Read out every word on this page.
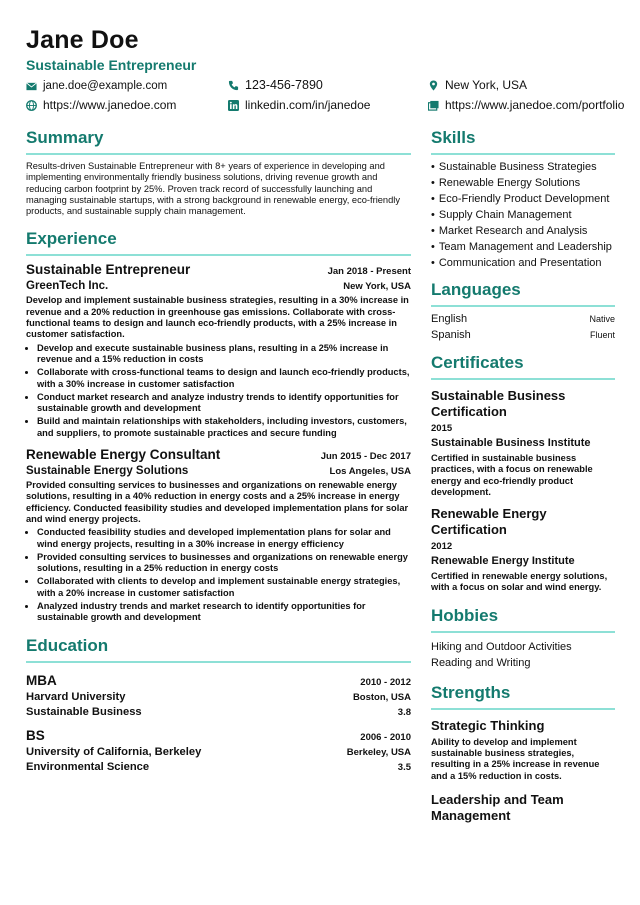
Jane Doe
Sustainable Entrepreneur
jane.doe@example.com	123-456-7890	New York, USA
https://www.janedoe.com	linkedin.com/in/janedoe	https://www.janedoe.com/portfolio
Summary

Results-driven Sustainable Entrepreneur with 8+ years of experience in developing and implementing environmentally friendly business solutions, driving revenue growth and reducing carbon footprint by 25%. Proven track record of successfully launching and managing sustainable startups, with a strong background in renewable energy, eco-friendly products, and sustainable supply chain management.

Experience
Sustainable Entrepreneur	Jan 2018 - Present
GreenTech Inc.	New York, USA

Develop and implement sustainable business strategies, resulting in a 30% increase in revenue and a 20% reduction in greenhouse gas emissions. Collaborate with cross-functional teams to design and launch eco-friendly products, with a 25% increase in customer satisfaction.

• Develop and execute sustainable business plans, resulting in a 25% increase in revenue and a 15% reduction in costs
• Collaborate with cross-functional teams to design and launch eco-friendly products, with a 30% increase in customer satisfaction
• Conduct market research and analyze industry trends to identify opportunities for sustainable growth and development
• Build and maintain relationships with stakeholders, including investors, customers, and suppliers, to promote sustainable practices and secure funding
Renewable Energy Consultant	Jun 2015 - Dec 2017
Sustainable Energy Solutions	Los Angeles, USA

Provided consulting services to businesses and organizations on renewable energy solutions, resulting in a 40% reduction in energy costs and a 25% increase in energy efficiency. Conducted feasibility studies and developed implementation plans for solar and wind energy projects.

• Conducted feasibility studies and developed implementation plans for solar and wind energy projects, resulting in a 30% increase in energy efficiency
• Provided consulting services to businesses and organizations on renewable energy solutions, resulting in a 25% reduction in energy costs
• Collaborated with clients to develop and implement sustainable energy strategies, with a 20% increase in customer satisfaction
• Analyzed industry trends and market research to identify opportunities for sustainable growth and development
Education
MBA	2010 - 2012
Harvard University	Boston, USA
Sustainable Business	3.8
BS	2006 - 2010
University of California, Berkeley	Berkeley, USA
Environmental Science	3.5
Skills
• Sustainable Business Strategies
• Renewable Energy Solutions
• Eco-Friendly Product Development
• Supply Chain Management
• Market Research and Analysis
• Team Management and Leadership
• Communication and Presentation
Languages
English	Native
Spanish	Fluent
Certificates
Sustainable Business Certification
2015
Sustainable Business Institute
Certified in sustainable business practices, with a focus on renewable energy and eco-friendly product development.
Renewable Energy Certification
2012
Renewable Energy Institute
Certified in renewable energy solutions, with a focus on solar and wind energy.
Hobbies
Hiking and Outdoor Activities
Reading and Writing
Strengths
Strategic Thinking
Ability to develop and implement sustainable business strategies, resulting in a 25% increase in revenue and a 15% reduction in costs.
Leadership and Team Management
